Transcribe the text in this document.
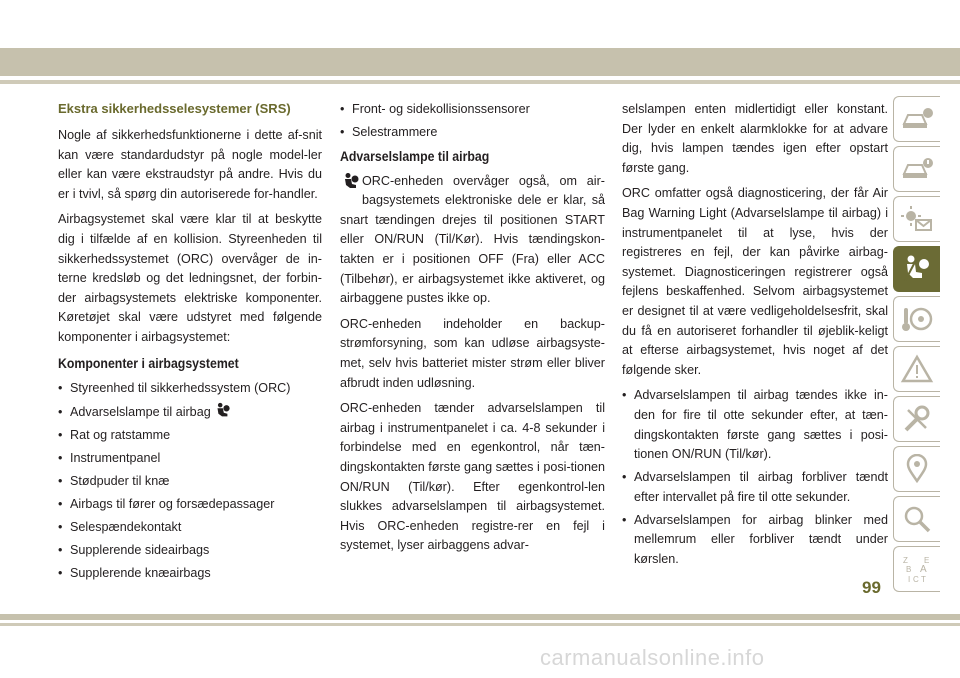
Ekstra sikkerhedsselesystemer (SRS)

Nogle af sikkerhedsfunktionerne i dette af-snit kan være standardudstyr på nogle model-ler eller kan være ekstraudstyr på andre. Hvis du er i tvivl, så spørg din autoriserede for-handler.

Airbagsystemet skal være klar til at beskytte dig i tilfælde af en kollision. Styreenheden til sikkerhedssystemet (ORC) overvåger de in-terne kredsløb og det ledningsnet, der forbin-der airbagsystemets elektriske komponenter. Køretøjet skal være udstyret med følgende komponenter i airbagsystemet:

Komponenter i airbagsystemet
• Styreenhed til sikkerhedssystem (ORC)
• Advarselslampe til airbag
• Rat og ratstamme
• Instrumentpanel
• Stødpuder til knæ
• Airbags til fører og forsædepassager
• Selespændekontakt
• Supplerende sideairbags
• Supplerende knæairbags
• Front- og sidekollisionssensorer
• Selestrammere
Advarselslampe til airbag

ORC-enheden overvåger også, om air-bagsystemets elektroniske dele er klar, så snart tændingen drejes til positionen START eller ON/RUN (Til/Kør). Hvis tændingskon-takten er i positionen OFF (Fra) eller ACC (Tilbehør), er airbagsystemet ikke aktiveret, og airbaggene pustes ikke op.

ORC-enheden indeholder en backup-strømforsyning, som kan udløse airbagsyste-met, selv hvis batteriet mister strøm eller bliver afbrudt inden udløsning.

ORC-enheden tænder advarselslampen til airbag i instrumentpanelet i ca. 4-8 sekunder i forbindelse med en egenkontrol, når tæn-dingskontakten første gang sættes i posi-tionen ON/RUN (Til/kør). Efter egenkontrol-len slukkes advarselslampen til airbagsystemet. Hvis ORC-enheden registre-rer en fejl i systemet, lyser airbaggens advar-

selslampen enten midlertidigt eller konstant. Der lyder en enkelt alarmklokke for at advare dig, hvis lampen tændes igen efter opstart første gang.

ORC omfatter også diagnosticering, der får Air Bag Warning Light (Advarselslampe til airbag) i instrumentpanelet til at lyse, hvis der registreres en fejl, der kan påvirke airbag-systemet. Diagnosticeringen registrerer også fejlens beskaffenhed. Selvom airbagsystemet er designet til at være vedligeholdelsesfrit, skal du få en autoriseret forhandler til øjeblik-keligt at efterse airbagsystemet, hvis noget af det følgende sker.

• Advarselslampen til airbag tændes ikke in-den for fire til otte sekunder efter, at tæn-dingskontakten første gang sættes i posi-tionen ON/RUN (Til/kør).
• Advarselslampen til airbag forbliver tændt efter intervallet på fire til otte sekunder.
• Advarselslampen for airbag blinker med mellemrum eller forbliver tændt under kørslen.	Z E
B A
I C T
99
carmanualsonline.info
